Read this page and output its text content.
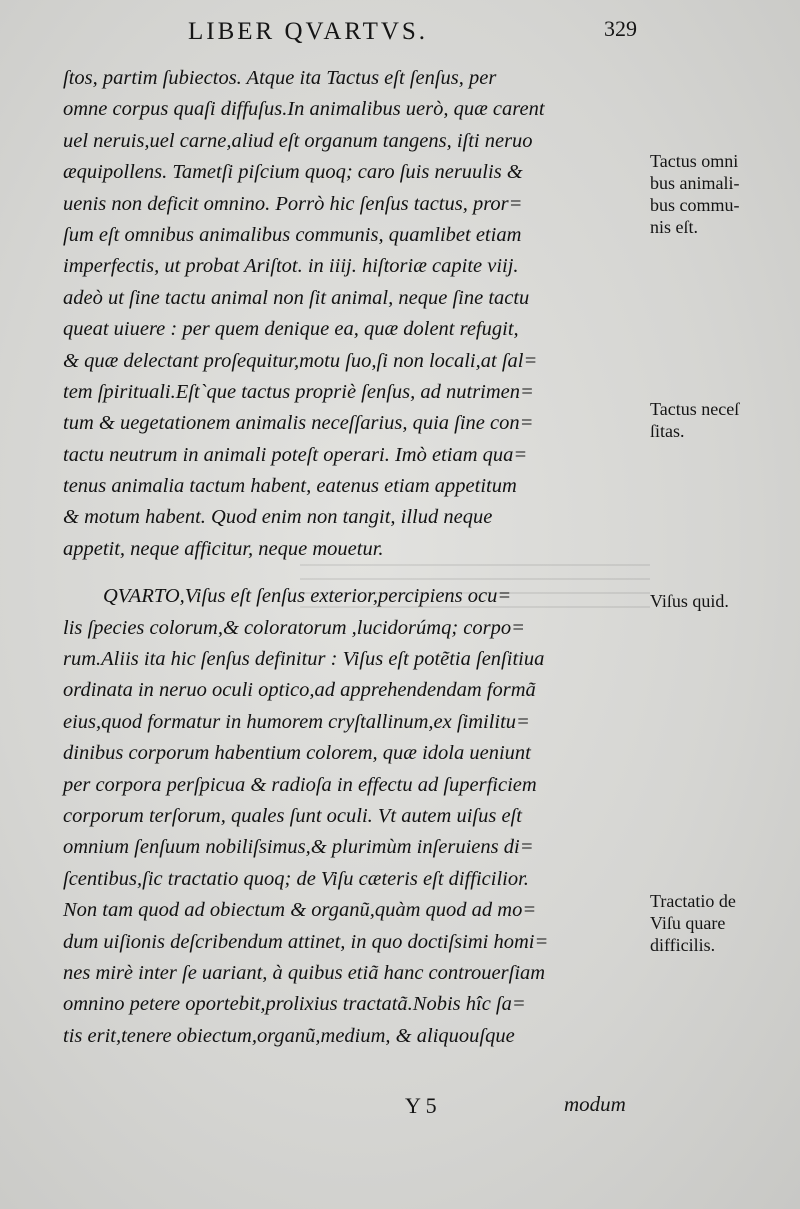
LIBER QVARTVS.	329
ſtos, partim ſubiectos. Atque ita Tactus eſt ſenſus, per
omne corpus quaſi diffuſus.In animalibus uerò, quæ carent
uel neruis,uel carne,aliud eſt organum tangens, iſti neruo
æquipollens. Tametſi piſcium quoq; caro ſuis neruulis &
uenis non deficit omnino. Porrò hic ſenſus tactus, pror=
ſum eſt omnibus animalibus communis, quamlibet etiam
imperfectis, ut probat Ariſtot. in iiij. hiſtoriæ capite viij.
adeò ut ſine tactu animal non ſit animal, neque ſine tactu
queat uiuere : per quem denique ea, quæ dolent refugit,
& quæ delectant proſequitur,motu ſuo,ſi non locali,at ſal=
tem ſpirituali.Eſt`que tactus propriè ſenſus, ad nutrimen=
tum & uegetationem animalis neceſſarius, quia ſine con=
tactu neutrum in animali poteſt operari. Imò etiam qua=
tenus animalia tactum habent, eatenus etiam appetitum
& motum habent. Quod enim non tangit, illud neque
appetit, neque afficitur, neque mouetur.
QVARTO,Viſus eſt ſenſus exterior,percipiens ocu=
lis ſpecies colorum,& coloratorum ,lucidorúmq; corpo=
rum.Aliis ita hic ſenſus definitur : Viſus eſt potẽtia ſenſitiua
ordinata in neruo oculi optico,ad apprehendendam formã
eius,quod formatur in humorem cryſtallinum,ex ſimilitu=
dinibus corporum habentium colorem, quæ idola ueniunt
per corpora perſpicua & radioſa in effectu ad ſuperficiem
corporum terſorum, quales ſunt oculi. Vt autem uiſus eſt
omnium ſenſuum nobiliſsimus,& plurimùm inſeruiens di=
ſcentibus,ſic tractatio quoq; de Viſu cæteris eſt difficilior.
Non tam quod ad obiectum & organũ,quàm quod ad mo=
dum uiſionis deſcribendum attinet, in quo doctiſsimi homi=
nes mirè inter ſe uariant, à quibus etiã hanc controuerſiam
omnino petere oportebit,prolixius tractatã.Nobis hîc ſa=
tis erit,tenere obiectum,organũ,medium, & aliquouſque
Tactus omni
bus animali-
bus commu-
nis eſt.
Tactus neceſ
ſitas.
Viſus quid.
Tractatio de
Viſu quare
difficilis.
Y 5	modum
